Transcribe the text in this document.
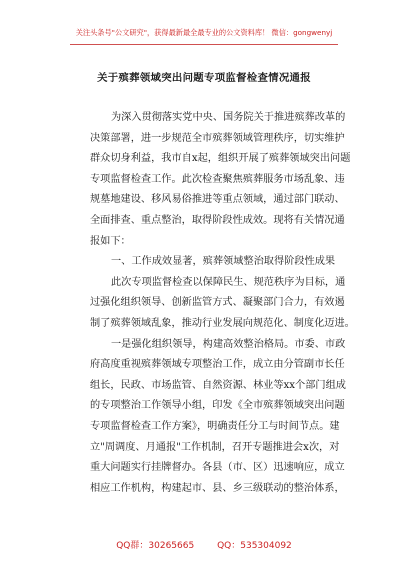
关注头条号"公文研究"，获得最新最全最专业的公文资料库！ 微信：gongwenyj
关于殡葬领域突出问题专项监督检查情况通报
为深入贯彻落实党中央、国务院关于推进殡葬改革的
决策部署，进一步规范全市殡葬领域管理秩序，切实维护
群众切身利益，我市自x起，组织开展了殡葬领域突出问题
专项监督检查工作。此次检查聚焦殡葬服务市场乱象、违
规墓地建设、移风易俗推进等重点领域，通过部门联动、
全面排查、重点整治，取得阶段性成效。现将有关情况通
报如下：
一、工作成效显著，殡葬领域整治取得阶段性成果
此次专项监督检查以保障民生、规范秩序为目标，通
过强化组织领导、创新监管方式、凝聚部门合力，有效遏
制了殡葬领域乱象，推动行业发展向规范化、制度化迈进。
一是强化组织领导，构建高效整治格局。市委、市政
府高度重视殡葬领域专项整治工作，成立由分管副市长任
组长，民政、市场监管、自然资源、林业等xx个部门组成
的专项整治工作领导小组，印发《全市殡葬领域突出问题
专项监督检查工作方案》，明确责任分工与时间节点。建
立"周调度、月通报"工作机制，召开专题推进会x次，对
重大问题实行挂牌督办。各县（市、区）迅速响应，成立
相应工作机构，构建起市、县、乡三级联动的整治体系，
QQ群：30265665	QQ：535304092
